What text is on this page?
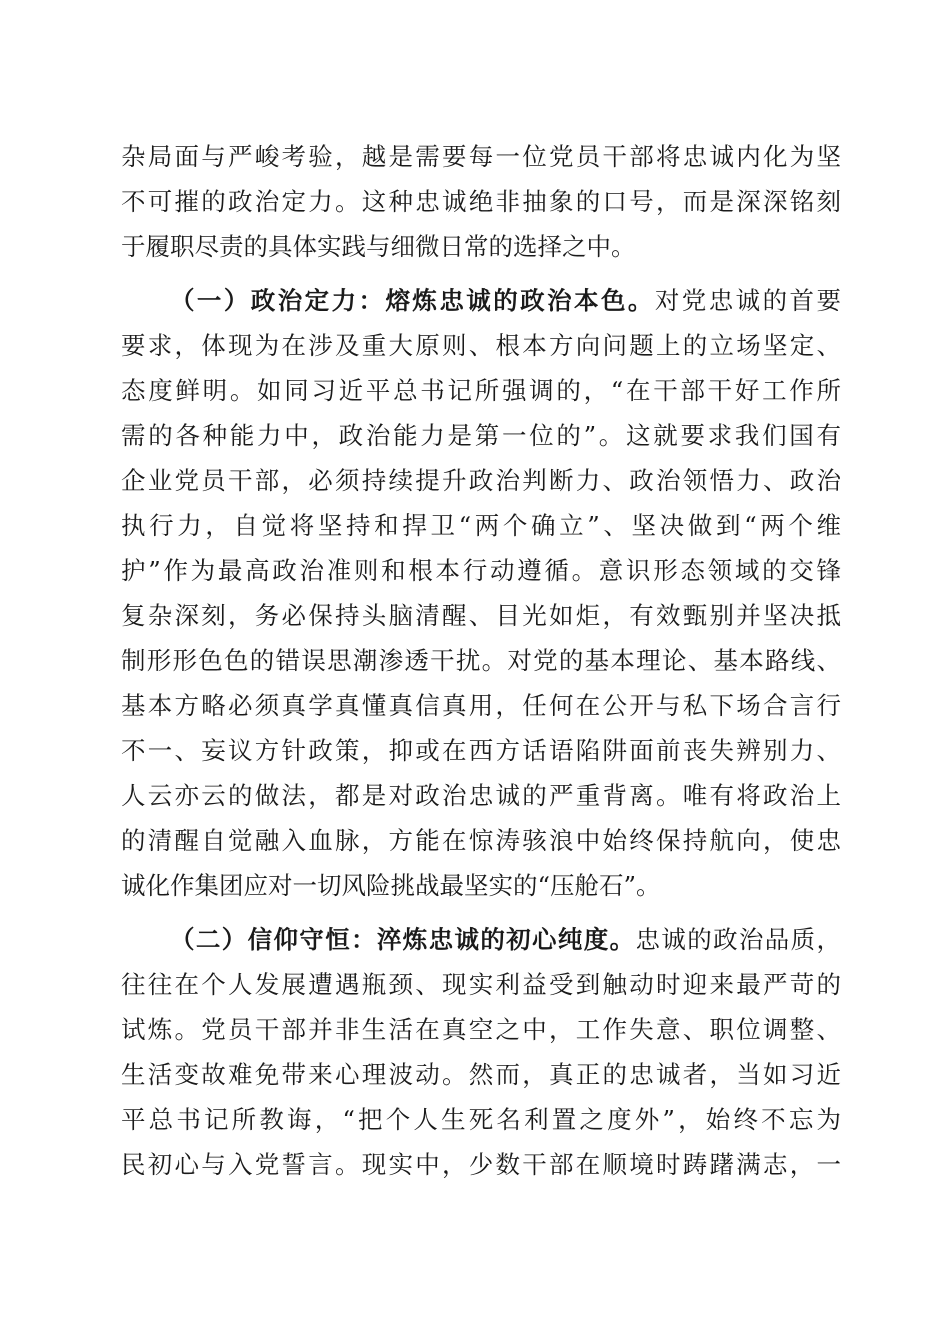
杂局面与严峻考验，越是需要每一位党员干部将忠诚内化为坚
不可摧的政治定力。这种忠诚绝非抽象的口号，而是深深铭刻
于履职尽责的具体实践与细微日常的选择之中。
（一）政治定力：熔炼忠诚的政治本色。对党忠诚的首要
要求，体现为在涉及重大原则、根本方向问题上的立场坚定、
态度鲜明。如同习近平总书记所强调的，“在干部干好工作所
需的各种能力中，政治能力是第一位的”。这就要求我们国有
企业党员干部，必须持续提升政治判断力、政治领悟力、政治
执行力，自觉将坚持和捍卫“两个确立”、坚决做到“两个维
护”作为最高政治准则和根本行动遵循。意识形态领域的交锋
复杂深刻，务必保持头脑清醒、目光如炬，有效甄别并坚决抵
制形形色色的错误思潮渗透干扰。对党的基本理论、基本路线、
基本方略必须真学真懂真信真用，任何在公开与私下场合言行
不一、妄议方针政策，抑或在西方话语陷阱面前丧失辨别力、
人云亦云的做法，都是对政治忠诚的严重背离。唯有将政治上
的清醒自觉融入血脉，方能在惊涛骇浪中始终保持航向，使忠
诚化作集团应对一切风险挑战最坚实的“压舱石”。
（二）信仰守恒：淬炼忠诚的初心纯度。忠诚的政治品质，
往往在个人发展遭遇瓶颈、现实利益受到触动时迎来最严苛的
试炼。党员干部并非生活在真空之中，工作失意、职位调整、
生活变故难免带来心理波动。然而，真正的忠诚者，当如习近
平总书记所教诲，“把个人生死名利置之度外”，始终不忘为
民初心与入党誓言。现实中，少数干部在顺境时踌躇满志，一
